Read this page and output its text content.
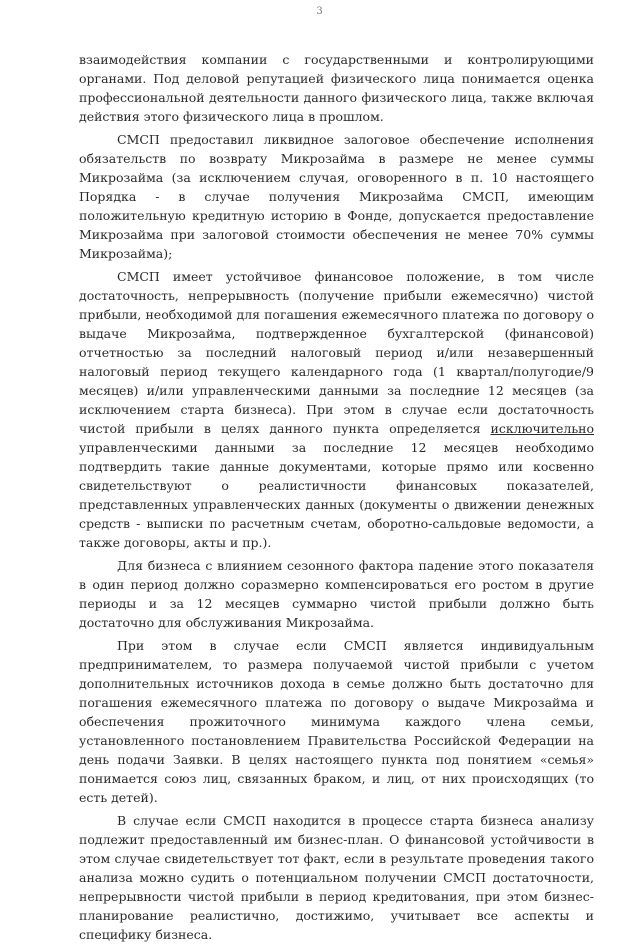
3

взаимодействия компании с государственными и контролирующими органами. Под деловой репутацией физического лица понимается оценка профессиональной деятельности данного физического лица, также включая действия этого физического лица в прошлом.

СМСП предоставил ликвидное залоговое обеспечение исполнения обязательств по возврату Микрозайма в размере не менее суммы Микрозайма (за исключением случая, оговоренного в п. 10 настоящего Порядка - в случае получения Микрозайма СМСП, имеющим положительную кредитную историю в Фонде, допускается предоставление Микрозайма при залоговой стоимости обеспечения не менее 70% суммы Микрозайма);

СМСП имеет устойчивое финансовое положение, в том числе достаточность, непрерывность (получение прибыли ежемесячно) чистой прибыли, необходимой для погашения ежемесячного платежа по договору о выдаче Микрозайма, подтвержденное бухгалтерской (финансовой) отчетностью за последний налоговый период и/или незавершенный налоговый период текущего календарного года (1 квартал/полугодие/9 месяцев) и/или управленческими данными за последние 12 месяцев (за исключением старта бизнеса). При этом в случае если достаточность чистой прибыли в целях данного пункта определяется исключительно управленческими данными за последние 12 месяцев необходимо подтвердить такие данные документами, которые прямо или косвенно свидетельствуют о реалистичности финансовых показателей, представленных управленческих данных (документы о движении денежных средств - выписки по расчетным счетам, оборотно-сальдовые ведомости, а также договоры, акты и пр.).

Для бизнеса с влиянием сезонного фактора падение этого показателя в один период должно соразмерно компенсироваться его ростом в другие периоды и за 12 месяцев суммарно чистой прибыли должно быть достаточно для обслуживания Микрозайма.

При этом в случае если СМСП является индивидуальным предпринимателем, то размера получаемой чистой прибыли с учетом дополнительных источников дохода в семье должно быть достаточно для погашения ежемесячного платежа по договору о выдаче Микрозайма и обеспечения прожиточного минимума каждого члена семьи, установленного постановлением Правительства Российской Федерации на день подачи Заявки. В целях настоящего пункта под понятием «семья» понимается союз лиц, связанных браком, и лиц, от них происходящих (то есть детей).

В случае если СМСП находится в процессе старта бизнеса анализу подлежит предоставленный им бизнес-план. О финансовой устойчивости в этом случае свидетельствует тот факт, если в результате проведения такого анализа можно судить о потенциальном получении СМСП достаточности, непрерывности чистой прибыли в период кредитования, при этом бизнес-планирование реалистично, достижимо, учитывает все аспекты и специфику бизнеса.
